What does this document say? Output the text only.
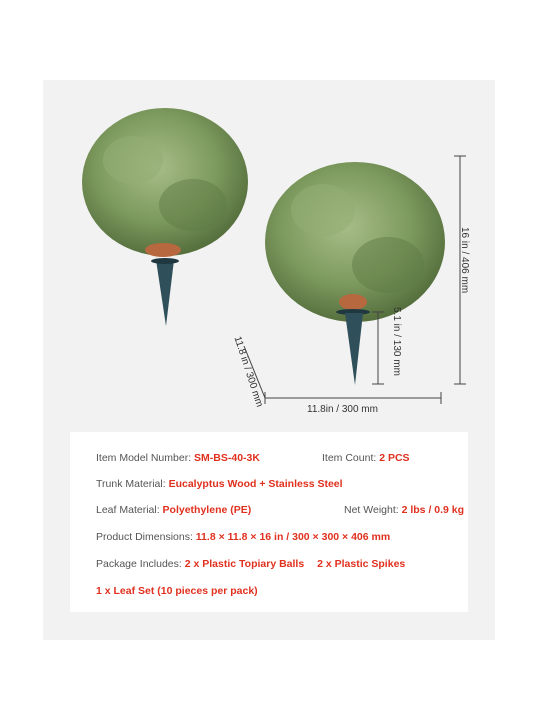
11.8in / 300 mm
16 in / 406 mm
5.1 in / 130 mm
11.8 in / 300 mm
Item Model Number: SM-BS-40-3K	Item Count: 2 PCS
Trunk Material: Eucalyptus Wood + Stainless Steel
Leaf Material: Polyethylene (PE)	Net Weight: 2 lbs / 0.9 kg
Product Dimensions: 11.8 × 11.8 × 16 in / 300 × 300 × 406 mm
Package Includes: 2 x Plastic Topiary Balls 2 x Plastic Spikes
1 x Leaf Set (10 pieces per pack)
